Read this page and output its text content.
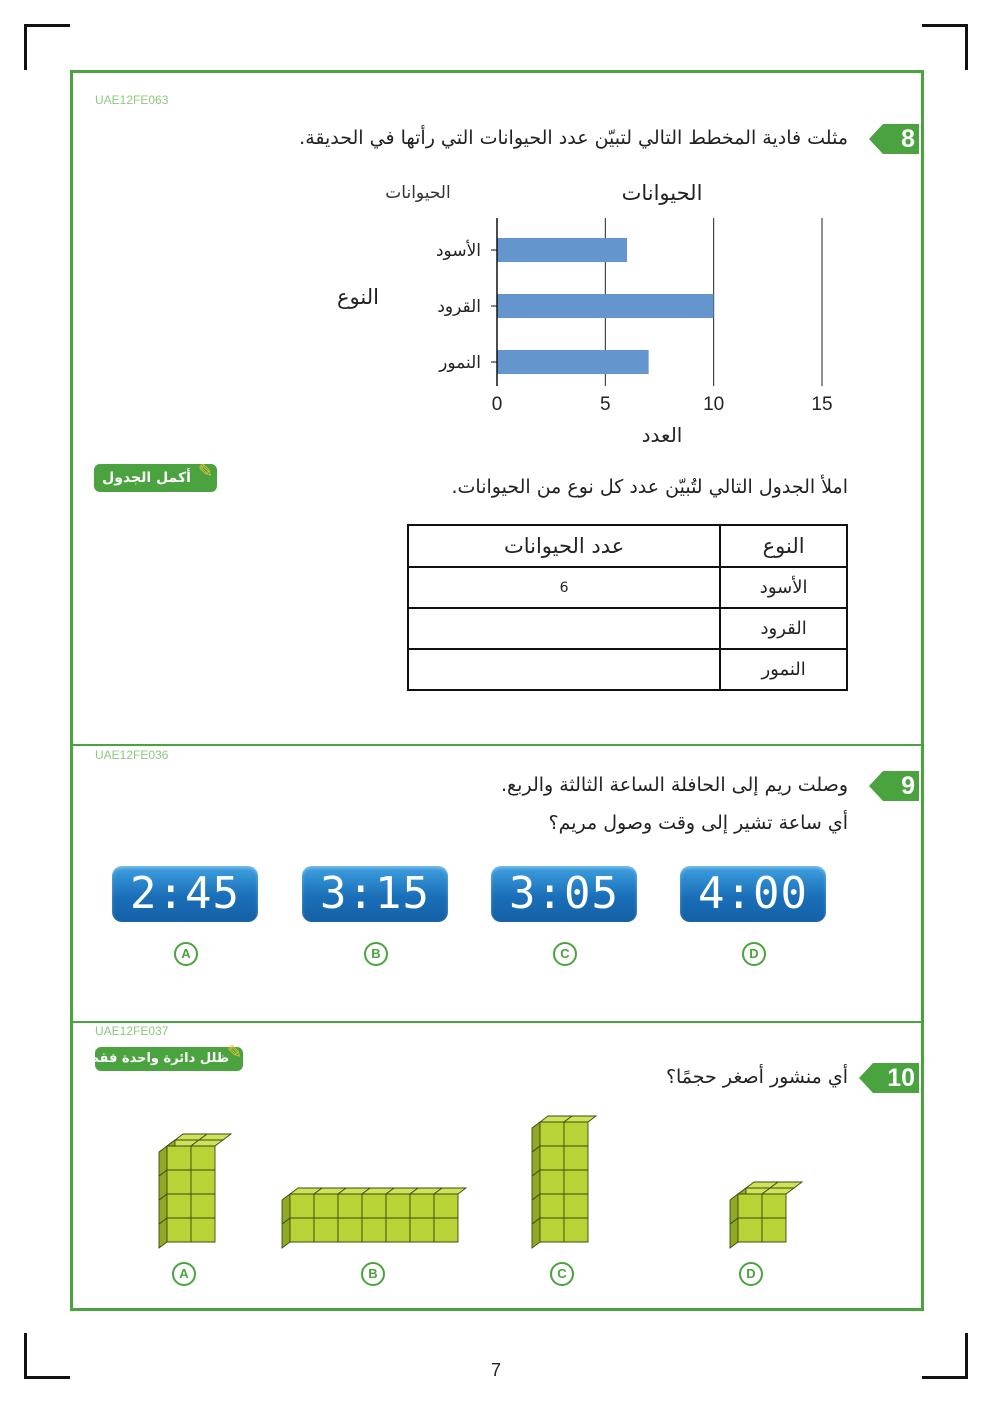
UAE12FE063
8
مثلت فادية المخطط التالي لتبيّن عدد الحيوانات التي رأتها في الحديقة.
الحيوانات	الحيوانات
النوع
العدد
الأسود
القرود
النمور
0	5	10	15
أكمل الجدول ✎
املأ الجدول التالي لتُبيّن عدد كل نوع من الحيوانات.
النوع	عدد الحيوانات
الأسود	6
القرود	
النمور	
UAE12FE036
9
وصلت ريم إلى الحافلة الساعة الثالثة والربع.
أي ساعة تشير إلى وقت وصول مريم؟
2:45	3:15	3:05	4:00
A	B	C	D
UAE12FE037
ظلل دائرة واحدة فقط
✎
10
أي منشور أصغر حجمًا؟
A	B	C	D
7
